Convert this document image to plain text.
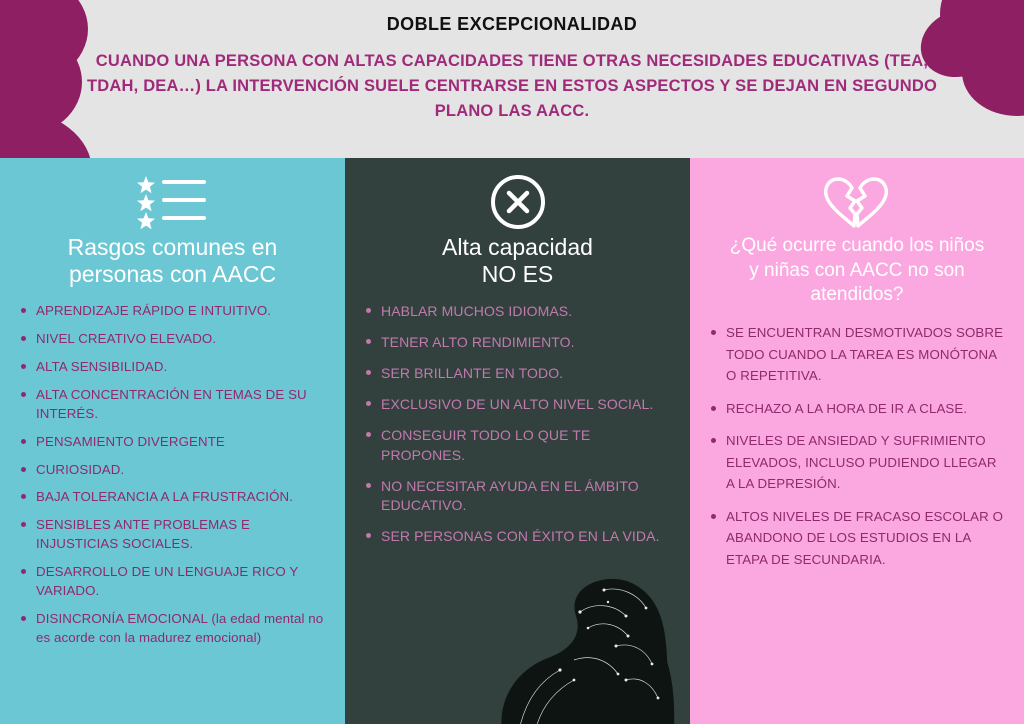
DOBLE EXCEPCIONALIDAD

CUANDO UNA PERSONA CON ALTAS CAPACIDADES TIENE OTRAS NECESIDADES EDUCATIVAS (TEA, TDAH, DEA…) LA INTERVENCIÓN SUELE CENTRARSE EN ESTOS ASPECTOS Y SE DEJAN EN SEGUNDO PLANO LAS AACC.

Rasgos comunes en
personas con AACC
APRENDIZAJE RÁPIDO E INTUITIVO.
NIVEL CREATIVO ELEVADO.
ALTA SENSIBILIDAD.
ALTA CONCENTRACIÓN EN TEMAS DE SU INTERÉS.
PENSAMIENTO DIVERGENTE
CURIOSIDAD.
BAJA TOLERANCIA A LA FRUSTRACIÓN.
SENSIBLES ANTE PROBLEMAS E INJUSTICIAS SOCIALES.
DESARROLLO DE UN LENGUAJE RICO Y VARIADO.
DISINCRONÍA EMOCIONAL (la edad mental no es acorde con la madurez emocional)
Alta capacidad
NO ES
HABLAR MUCHOS IDIOMAS.
TENER ALTO RENDIMIENTO.
SER BRILLANTE EN TODO.
EXCLUSIVO DE UN ALTO NIVEL SOCIAL.
CONSEGUIR TODO LO QUE TE PROPONES.
NO NECESITAR AYUDA EN EL ÁMBITO EDUCATIVO.
SER PERSONAS CON ÉXITO EN LA VIDA.
¿Qué ocurre cuando los niños
y niñas con AACC no son
atendidos?
SE ENCUENTRAN DESMOTIVADOS SOBRE TODO CUANDO LA TAREA ES MONÓTONA O REPETITIVA.
RECHAZO A LA HORA DE IR A CLASE.
NIVELES DE ANSIEDAD Y SUFRIMIENTO ELEVADOS, INCLUSO PUDIENDO LLEGAR A LA DEPRESIÓN.
ALTOS NIVELES DE FRACASO ESCOLAR O ABANDONO DE LOS ESTUDIOS EN LA ETAPA DE SECUNDARIA.
